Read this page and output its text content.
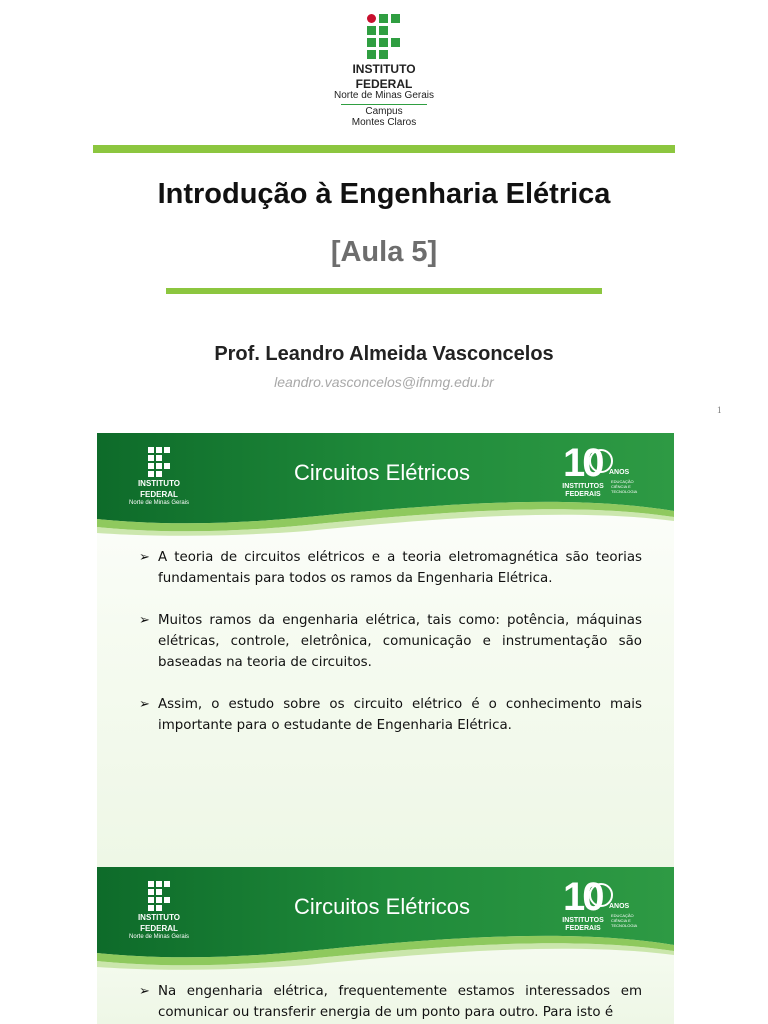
INSTITUTO
FEDERAL
Norte de Minas Gerais
Campus
Montes Claros
Introdução à Engenharia Elétrica
[Aula 5]
Prof. Leandro Almeida Vasconcelos
leandro.vasconcelos@ifnmg.edu.br
1
INSTITUTO
FEDERAL
Norte de Minas Gerais
Circuitos Elétricos	10 ANOS
INSTITUTOS
FEDERAIS
EDUCAÇÃO
CIÊNCIA E
TECNOLOGIA
➢ A teoria de circuitos elétricos e a teoria eletromagnética são teorias fundamentais para todos os ramos da Engenharia Elétrica.
➢ Muitos ramos da engenharia elétrica, tais como: potência, máquinas elétricas, controle, eletrônica, comunicação e instrumentação são baseadas na teoria de circuitos.
➢ Assim, o estudo sobre os circuito elétrico é o conhecimento mais importante para o estudante de Engenharia Elétrica.
INSTITUTO
FEDERAL
Norte de Minas Gerais
Circuitos Elétricos	10 ANOS
INSTITUTOS
FEDERAIS
EDUCAÇÃO
CIÊNCIA E
TECNOLOGIA
➢ Na engenharia elétrica, frequentemente estamos interessados em comunicar ou transferir energia de um ponto para outro. Para isto é
